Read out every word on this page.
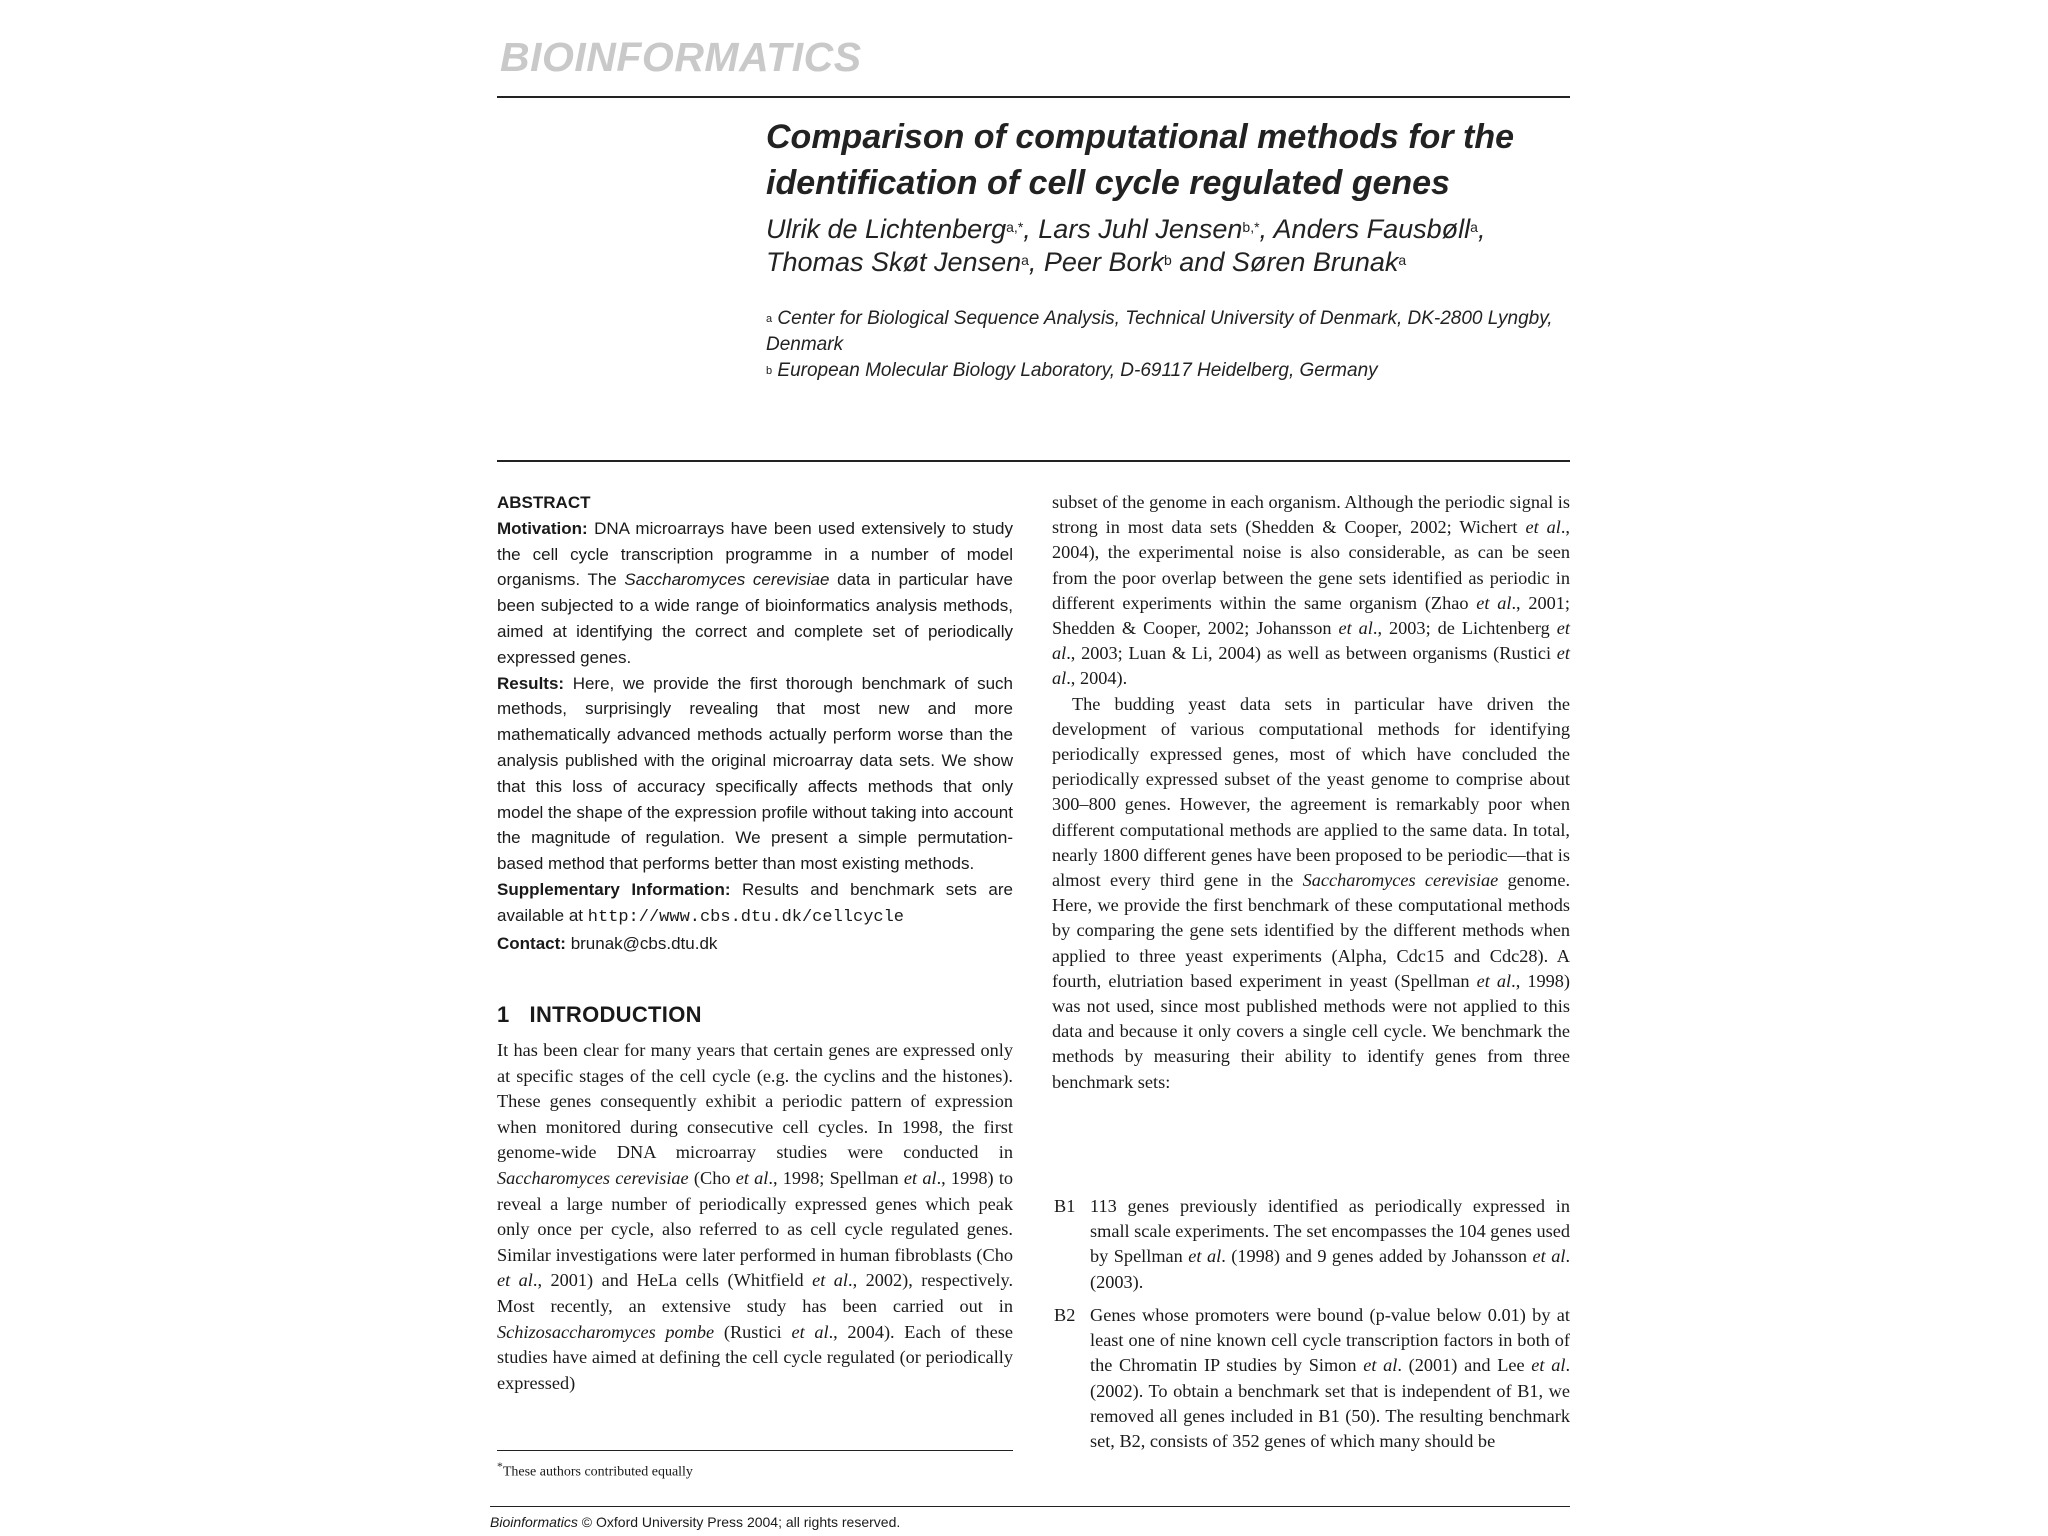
BIOINFORMATICS
Comparison of computational methods for the identification of cell cycle regulated genes
Ulrik de Lichtenberg$^{a,*}$, Lars Juhl Jensen$^{b,*}$, Anders Fausbøll$^a$,
Thomas Skøt Jensen$^a$, Peer Bork$^b$ and Søren Brunak$^a$
$^a$ Center for Biological Sequence Analysis, Technical University of Denmark, DK-2800 Lyngby, Denmark
$^b$ European Molecular Biology Laboratory, D-69117 Heidelberg, Germany

ABSTRACT

Motivation: DNA microarrays have been used extensively to study the cell cycle transcription programme in a number of model organisms. The Saccharomyces cerevisiae data in particular have been subjected to a wide range of bioinformatics analysis methods, aimed at identifying the correct and complete set of periodically expressed genes.

Results: Here, we provide the first thorough benchmark of such methods, surprisingly revealing that most new and more mathematically advanced methods actually perform worse than the analysis published with the original microarray data sets. We show that this loss of accuracy specifically affects methods that only model the shape of the expression profile without taking into account the magnitude of regulation. We present a simple permutation-based method that performs better than most existing methods.

Supplementary Information: Results and benchmark sets are available at http://www.cbs.dtu.dk/cellcycle

Contact: brunak@cbs.dtu.dk

1 INTRODUCTION

It has been clear for many years that certain genes are expressed only at specific stages of the cell cycle (e.g. the cyclins and the histones). These genes consequently exhibit a periodic pattern of expression when monitored during consecutive cell cycles. In 1998, the first genome-wide DNA microarray studies were conducted in Saccharomyces cerevisiae (Cho et al., 1998; Spellman et al., 1998) to reveal a large number of periodically expressed genes which peak only once per cycle, also referred to as cell cycle regulated genes. Similar investigations were later performed in human fibroblasts (Cho et al., 2001) and HeLa cells (Whitfield et al., 2002), respectively. Most recently, an extensive study has been carried out in Schizosaccharomyces pombe (Rustici et al., 2004). Each of these studies have aimed at defining the cell cycle regulated (or periodically expressed)

*These authors contributed equally

subset of the genome in each organism. Although the periodic signal is strong in most data sets (Shedden & Cooper, 2002; Wichert et al., 2004), the experimental noise is also considerable, as can be seen from the poor overlap between the gene sets identified as periodic in different experiments within the same organism (Zhao et al., 2001; Shedden & Cooper, 2002; Johansson et al., 2003; de Lichtenberg et al., 2003; Luan & Li, 2004) as well as between organisms (Rustici et al., 2004).

The budding yeast data sets in particular have driven the development of various computational methods for identifying periodically expressed genes, most of which have concluded the periodically expressed subset of the yeast genome to comprise about 300–800 genes. However, the agreement is remarkably poor when different computational methods are applied to the same data. In total, nearly 1800 different genes have been proposed to be periodic—that is almost every third gene in the Saccharomyces cerevisiae genome. Here, we provide the first benchmark of these computational methods by comparing the gene sets identified by the different methods when applied to three yeast experiments (Alpha, Cdc15 and Cdc28). A fourth, elutriation based experiment in yeast (Spellman et al., 1998) was not used, since most published methods were not applied to this data and because it only covers a single cell cycle. We benchmark the methods by measuring their ability to identify genes from three benchmark sets:

B1 113 genes previously identified as periodically expressed in small scale experiments. The set encompasses the 104 genes used by Spellman et al. (1998) and 9 genes added by Johansson et al. (2003).
B2 Genes whose promoters were bound (p-value below 0.01) by at least one of nine known cell cycle transcription factors in both of the Chromatin IP studies by Simon et al. (2001) and Lee et al. (2002). To obtain a benchmark set that is independent of B1, we removed all genes included in B1 (50). The resulting benchmark set, B2, consists of 352 genes of which many should be
Bioinformatics © Oxford University Press 2004; all rights reserved.
